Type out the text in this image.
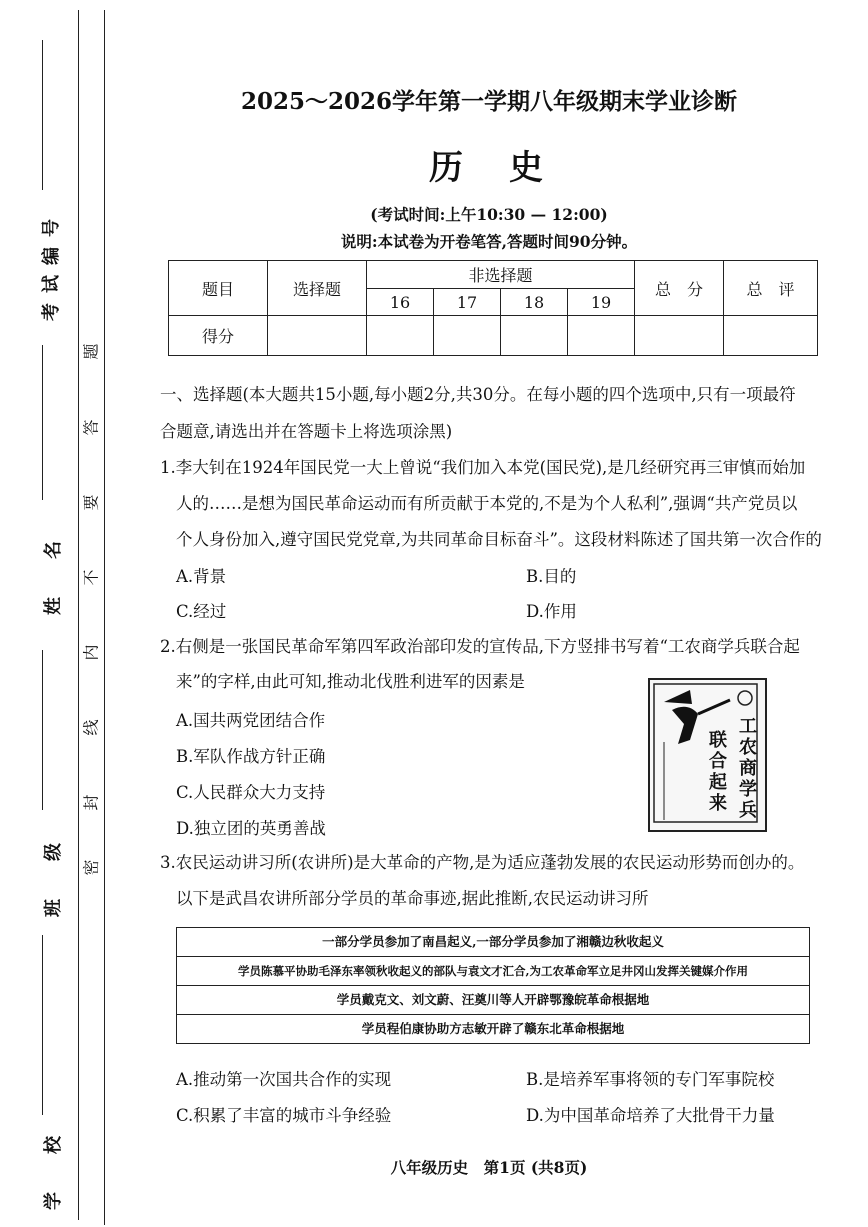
考试编号
姓　名
班　级
学　校
题
答
要
不
内
线
封
密
2025～2026学年第一学期八年级期末学业诊断
历　史
(考试时间:上午10:30 — 12:00)
说明:本试卷为开卷笔答,答题时间90分钟。
题目	选择题	非选择题				总　分	总　评
		16	17	18	19		
得分							
一、选择题(本大题共15小题,每小题2分,共30分。在每小题的四个选项中,只有一项最符
合题意,请选出并在答题卡上将选项涂黑)
1.李大钊在1924年国民党一大上曾说“我们加入本党(国民党),是几经研究再三审慎而始加
人的……是想为国民革命运动而有所贡献于本党的,不是为个人私利”,强调“共产党员以
个人身份加入,遵守国民党党章,为共同革命目标奋斗”。这段材料陈述了国共第一次合作的
A.背景	B.目的
C.经过	D.作用
2.右侧是一张国民革命军第四军政治部印发的宣传品,下方竖排书写着“工农商学兵联合起
来”的字样,由此可知,推动北伐胜利进军的因素是
A.国共两党团结合作
B.军队作战方针正确
C.人民群众大力支持
D.独立团的英勇善战
工农商学兵
联合起来
3.农民运动讲习所(农讲所)是大革命的产物,是为适应蓬勃发展的农民运动形势而创办的。
以下是武昌农讲所部分学员的革命事迹,据此推断,农民运动讲习所
一部分学员参加了南昌起义,一部分学员参加了湘赣边秋收起义
学员陈慕平协助毛泽东率领秋收起义的部队与袁文才汇合,为工农革命军立足井冈山发挥关键媒介作用
学员戴克文、刘文蔚、汪奠川等人开辟鄂豫皖革命根据地
学员程伯康协助方志敏开辟了赣东北革命根据地
A.推动第一次国共合作的实现	B.是培养军事将领的专门军事院校
C.积累了丰富的城市斗争经验	D.为中国革命培养了大批骨干力量
八年级历史　第1页 (共8页)
